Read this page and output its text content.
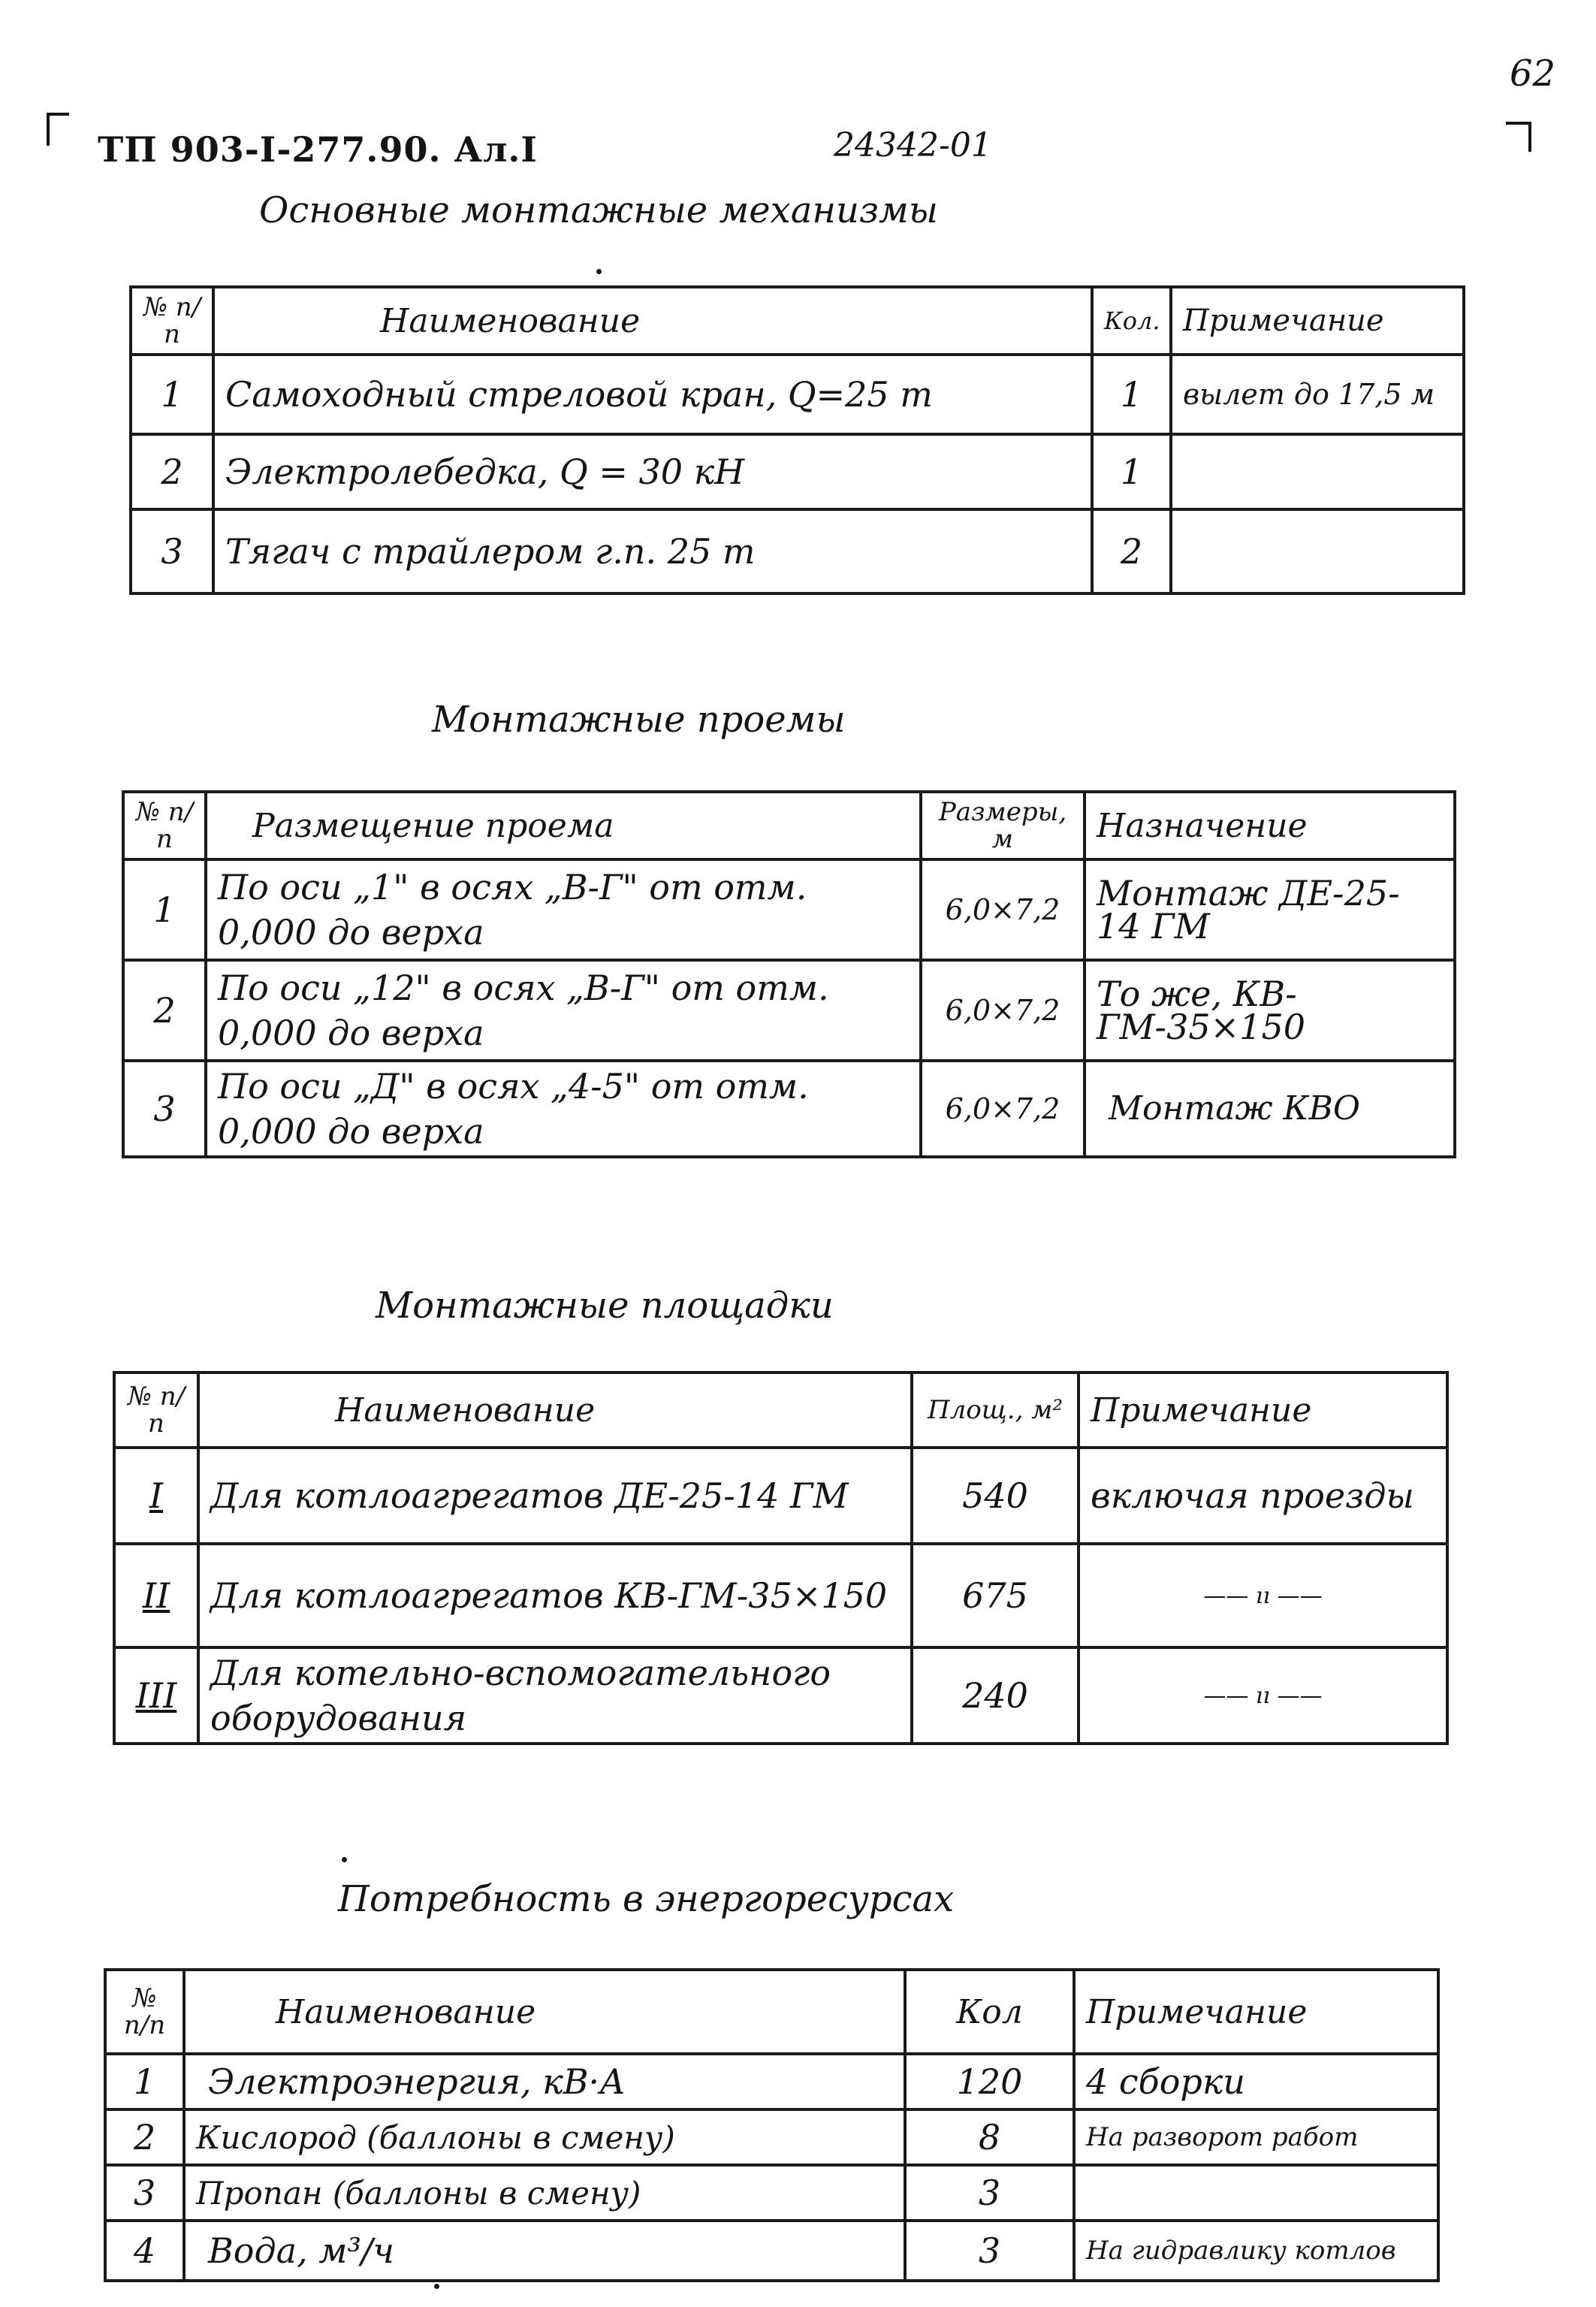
62
ТП 903-I-277.90. Ал.I	24342-01
Основные монтажные механизмы
№ п/п	Наименование	Кол.	Примечание
1	Самоходный стреловой кран, Q=25 т	1	вылет до 17,5 м
2	Электролебедка, Q = 30 кН	1	
3	Тягач с трайлером г.п. 25 т	2	
Монтажные проемы
№ п/п	Размещение проема	Размеры, м	Назначение
1	По оси „1" в осях „В-Г" от отм. 0,000 до верха	6,0×7,2	Монтаж ДЕ-25-14 ГМ
2	По оси „12" в осях „В-Г" от отм. 0,000 до верха	6,0×7,2	То же, КВ-ГМ-35×150
3	По оси „Д" в осях „4-5" от отм. 0,000 до верха	6,0×7,2	Монтаж КВО
Монтажные площадки
№ п/п	Наименование	Площ., м²	Примечание
I	Для котлоагрегатов ДЕ-25-14 ГМ	540	включая проезды
II	Для котлоагрегатов КВ-ГМ-35×150	675	—— ıı ——
III	Для котельно-вспомогательного оборудования	240	—— ıı ——
Потребность в энергоресурсах
№ п/п	Наименование	Кол	Примечание
1	Электроэнергия, кВ·А	120	4 сборки
2	Кислород (баллоны в смену)	8	На разворот работ
3	Пропан (баллоны в смену)	3	
4	Вода, м³/ч	3	На гидравлику котлов
